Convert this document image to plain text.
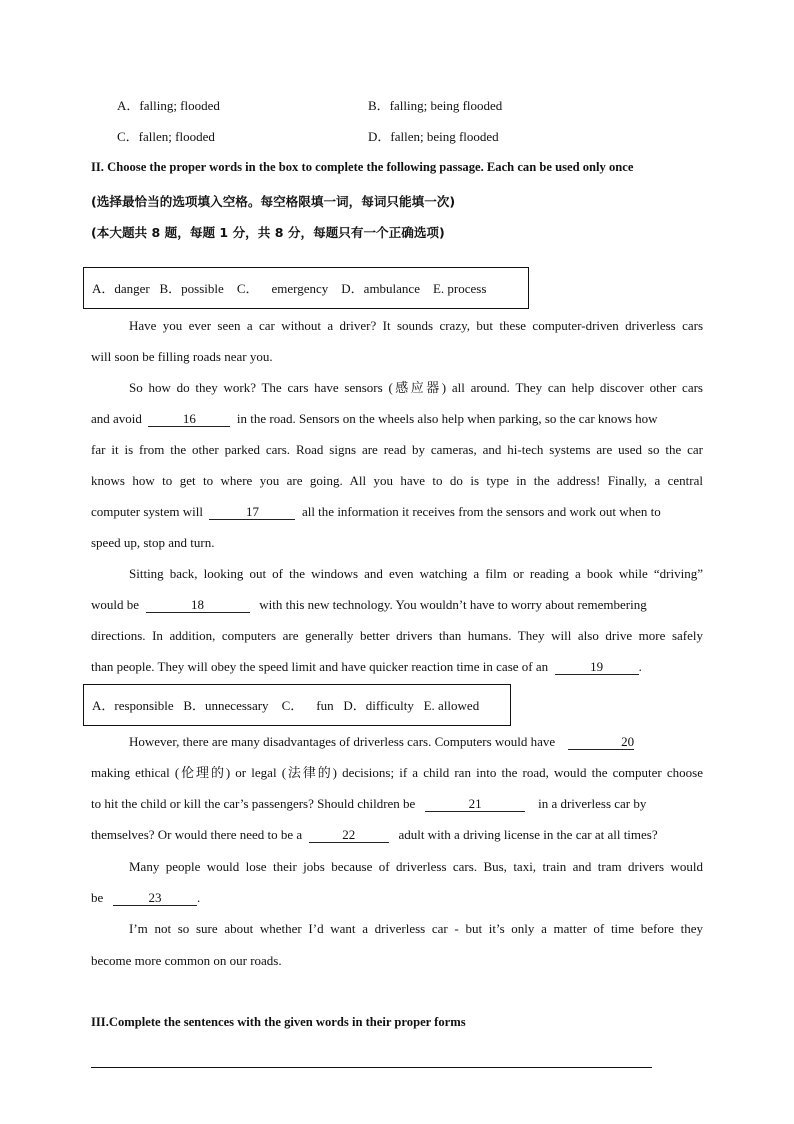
A．falling; flooded	B．falling; being flooded
C．fallen; flooded	D．fallen; being flooded
II. Choose the proper words in the box to complete the following passage. Each can be used only once
(选择最恰当的选项填入空格。每空格限填一词，每词只能填一次)
(本大题共 8 题，每题 1 分，共 8 分，每题只有一个正确选项)
A．danger B．possible C． emergency D．ambulance E. process
Have you ever seen a car without a driver? It sounds crazy, but these computer-driven driverless cars
will soon be filling roads near you.
So how do they work? The cars have sensors (感应器) all around. They can help discover other cars
and avoid	16	in the road. Sensors on the wheels also help when parking, so the car knows how
far it is from the other parked cars. Road signs are read by cameras, and hi-tech systems are used so the car
knows how to get to where you are going. All you have to do is type in the address! Finally, a central
computer system will	17	all the information it receives from the sensors and work out when to
speed up, stop and turn.
Sitting back, looking out of the windows and even watching a film or reading a book while “driving”
would be	18	with this new technology. You wouldn’t have to worry about remembering
directions. In addition, computers are generally better drivers than humans. They will also drive more safely
than people. They will obey the speed limit and have quicker reaction time in case of an	19	.
A．responsible B．unnecessary C． fun D．difficulty E. allowed
However, there are many disadvantages of driverless cars. Computers would have	20
making ethical (伦理的) or legal (法律的) decisions; if a child ran into the road, would the computer choose
to hit the child or kill the car’s passengers? Should children be	21	in a driverless car by
themselves? Or would there need to be a	22	adult with a driving license in the car at all times?
Many people would lose their jobs because of driverless cars. Bus, taxi, train and tram drivers would
be	23	.
I’m not so sure about whether I’d want a driverless car - but it’s only a matter of time before they
become more common on our roads.
III.Complete the sentences with the given words in their proper forms
